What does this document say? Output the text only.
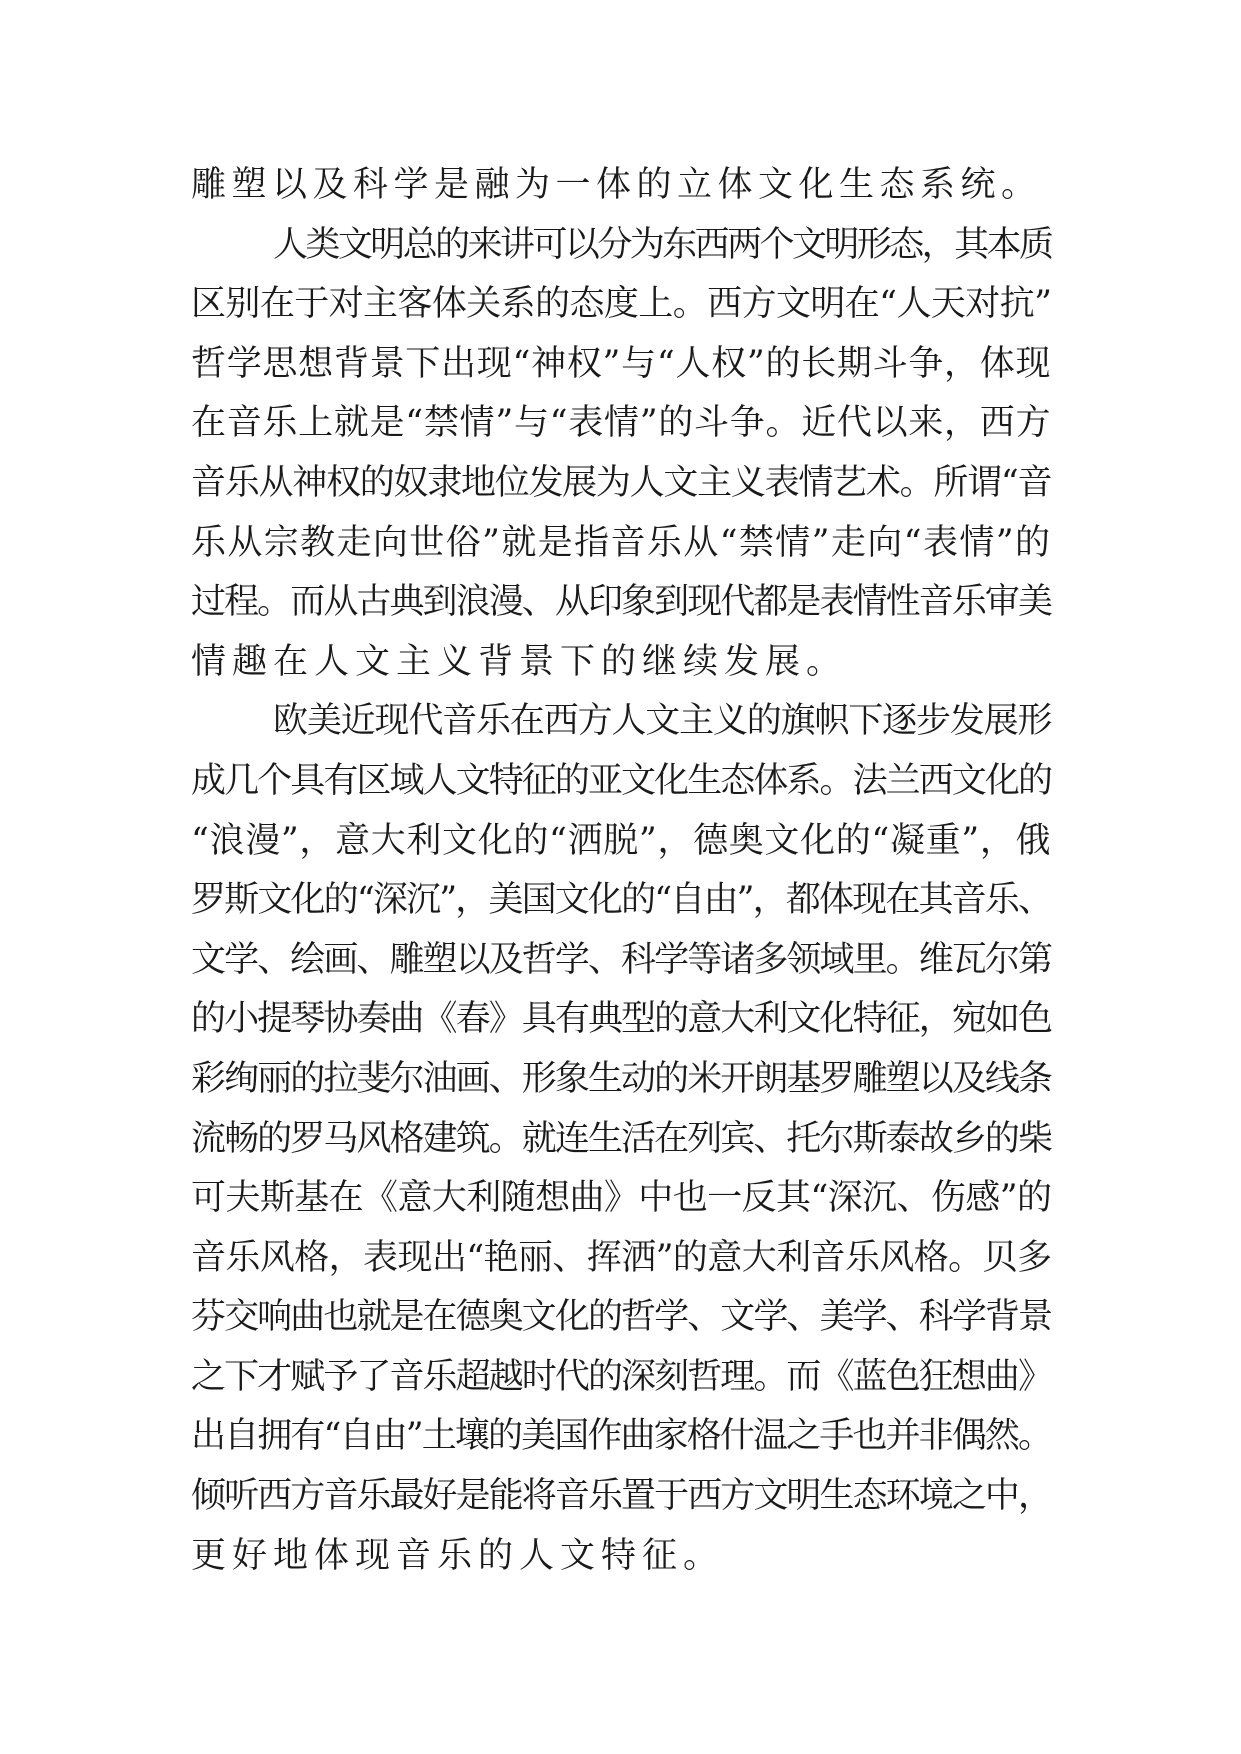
雕塑以及科学是融为一体的立体文化生态系统。
人类文明总的来讲可以分为东西两个文明形态，其本质
区别在于对主客体关系的态度上。西方文明在“人天对抗”
哲学思想背景下出现“神权”与“人权”的长期斗争，体现
在音乐上就是“禁情”与“表情”的斗争。近代以来，西方
音乐从神权的奴隶地位发展为人文主义表情艺术。所谓“音
乐从宗教走向世俗”就是指音乐从“禁情”走向“表情”的
过程。而从古典到浪漫、从印象到现代都是表情性音乐审美
情趣在人文主义背景下的继续发展。
欧美近现代音乐在西方人文主义的旗帜下逐步发展形
成几个具有区域人文特征的亚文化生态体系。法兰西文化的
“浪漫”，意大利文化的“洒脱”，德奥文化的“凝重”，俄
罗斯文化的“深沉”，美国文化的“自由”，都体现在其音乐、
文学、绘画、雕塑以及哲学、科学等诸多领域里。维瓦尔第
的小提琴协奏曲《春》具有典型的意大利文化特征，宛如色
彩绚丽的拉斐尔油画、形象生动的米开朗基罗雕塑以及线条
流畅的罗马风格建筑。就连生活在列宾、托尔斯泰故乡的柴
可夫斯基在《意大利随想曲》中也一反其“深沉、伤感”的
音乐风格，表现出“艳丽、挥洒”的意大利音乐风格。贝多
芬交响曲也就是在德奥文化的哲学、文学、美学、科学背景
之下才赋予了音乐超越时代的深刻哲理。而《蓝色狂想曲》
出自拥有“自由”土壤的美国作曲家格什温之手也并非偶然。
倾听西方音乐最好是能将音乐置于西方文明生态环境之中，
更好地体现音乐的人文特征。
